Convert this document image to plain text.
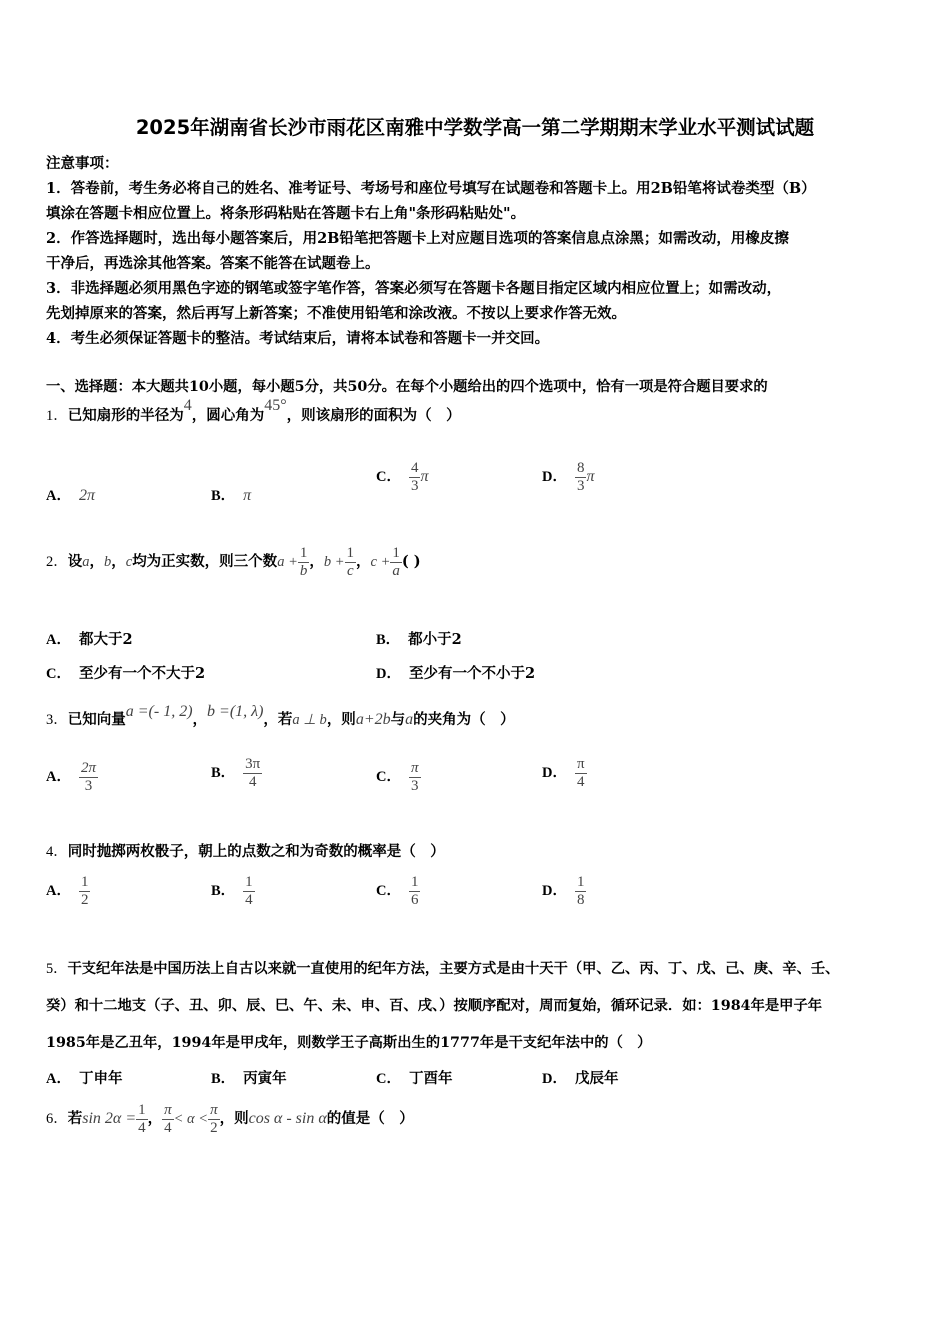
2025年湖南省长沙市雨花区南雅中学数学高一第二学期期末学业水平测试试题
注意事项：
1．答卷前，考生务必将自己的姓名、准考证号、考场号和座位号填写在试题卷和答题卡上。用2B铅笔将试卷类型（B）
填涂在答题卡相应位置上。将条形码粘贴在答题卡右上角"条形码粘贴处"。
2．作答选择题时，选出每小题答案后，用2B铅笔把答题卡上对应题目选项的答案信息点涂黑；如需改动，用橡皮擦
干净后，再选涂其他答案。答案不能答在试题卷上。
3．非选择题必须用黑色字迹的钢笔或签字笔作答，答案必须写在答题卡各题目指定区域内相应位置上；如需改动，
先划掉原来的答案，然后再写上新答案；不准使用铅笔和涂改液。不按以上要求作答无效。
4．考生必须保证答题卡的整洁。考试结束后，请将本试卷和答题卡一并交回。
一、选择题：本大题共10小题，每小题5分，共50分。在每个小题给出的四个选项中，恰有一项是符合题目要求的
1．已知扇形的半径为4，圆心角为45°，则该扇形的面积为（　）
A． 2π	B． π
C． $\frac{4}{3}$ π	D． $\frac{8}{3}$ π
2．设a，b，c均为正实数，则三个数$a + \frac{1}{b}$ ，$b + \frac{1}{c}$ ，$c + \frac{1}{a}$ ( )
A． 都大于2	B． 都小于2
C． 至少有一个不大于2	D． 至少有一个不小于2
3．已知向量a =(- 1, 2)，b =(1, λ)，若a ⊥ b，则a+2b与a的夹角为（　）
A． $\frac{2\pi}{3}$	B． $\frac{3\pi}{4}$	C． $\frac{\pi}{3}$	D． $\frac{\pi}{4}$
4．同时抛掷两枚骰子，朝上的点数之和为奇数的概率是（　）
A． $\frac{1}{2}$	B． $\frac{1}{4}$	C． $\frac{1}{6}$	D． $\frac{1}{8}$
5．干支纪年法是中国历法上自古以来就一直使用的纪年方法，主要方式是由十天干（甲、乙、丙、丁、戊、己、庚、辛、壬、
癸）和十二地支（子、丑、卯、辰、巳、午、未、申、百、戌、）按顺序配对，周而复始，循环记录．如：1984年是甲子年
1985年是乙丑年，1994年是甲戌年，则数学王子高斯出生的1777年是干支纪年法中的（　）
A． 丁申年	B． 丙寅年	C． 丁酉年	D． 戊辰年
6．若$\sin 2\alpha = \frac{1}{4}$ ， $\frac{\pi}{4} < \alpha < \frac{\pi}{2}$ ，则cos α - sin α的值是（　）
